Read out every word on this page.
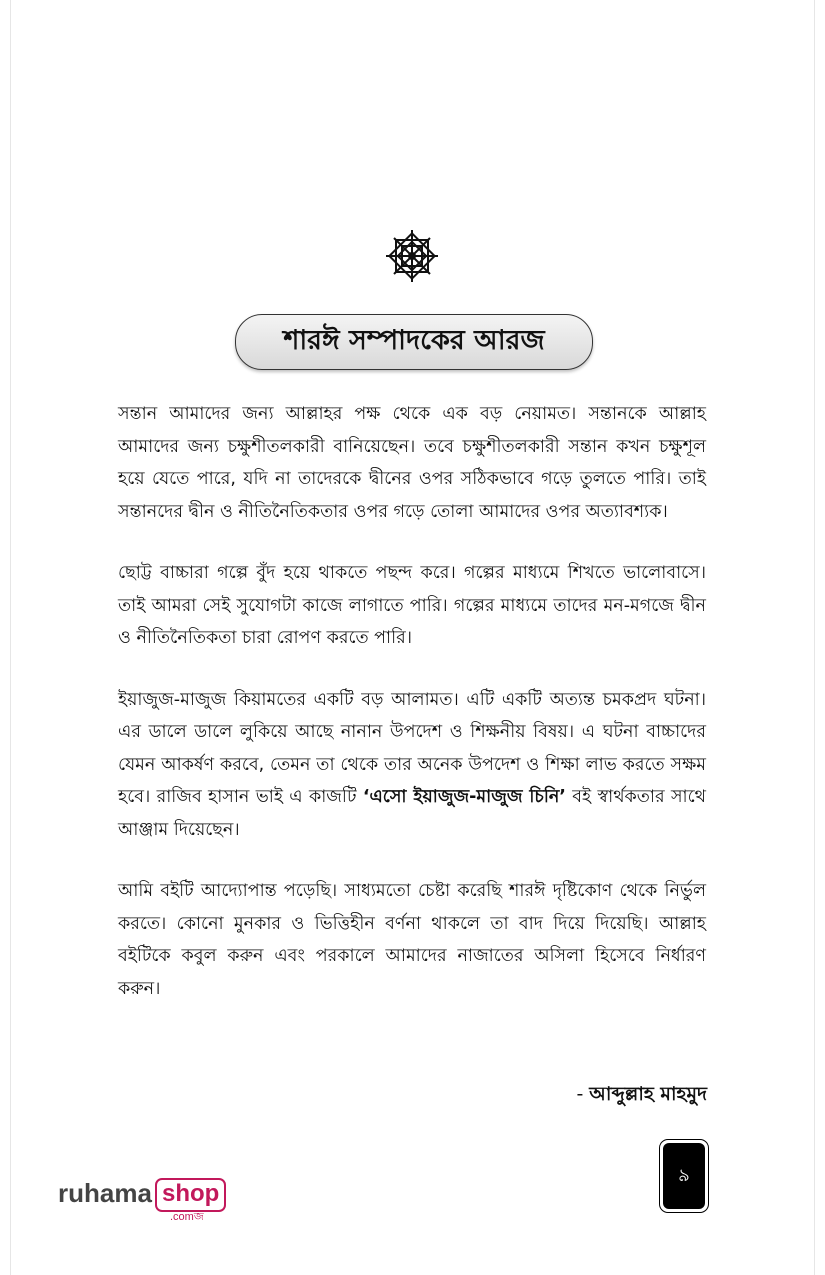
শারঈ সম্পাদকের আরজ

সন্তান আমাদের জন্য আল্লাহর পক্ষ থেকে এক বড় নেয়ামত। সন্তানকে আল্লাহ আমাদের জন্য চক্ষুশীতলকারী বানিয়েছেন। তবে চক্ষুশীতলকারী সন্তান কখন চক্ষুশূল হয়ে যেতে পারে, যদি না তাদেরকে দ্বীনের ওপর সঠিকভাবে গড়ে তুলতে পারি। তাই সন্তানদের দ্বীন ও নীতিনৈতিকতার ওপর গড়ে তোলা আমাদের ওপর অত্যাবশ্যক।

ছোট্ট বাচ্চারা গল্পে বুঁদ হয়ে থাকতে পছন্দ করে। গল্পের মাধ্যমে শিখতে ভালোবাসে। তাই আমরা সেই সুযোগটা কাজে লাগাতে পারি। গল্পের মাধ্যমে তাদের মন-মগজে দ্বীন ও নীতিনৈতিকতা চারা রোপণ করতে পারি।

ইয়াজুজ-মাজুজ কিয়ামতের একটি বড় আলামত। এটি একটি অত্যন্ত চমকপ্রদ ঘটনা। এর ডালে ডালে লুকিয়ে আছে নানান উপদেশ ও শিক্ষনীয় বিষয়। এ ঘটনা বাচ্চাদের যেমন আকর্ষণ করবে, তেমন তা থেকে তার অনেক উপদেশ ও শিক্ষা লাভ করতে সক্ষম হবে। রাজিব হাসান ভাই এ কাজটি ‘এসো ইয়াজুজ-মাজুজ চিনি’ বই স্বার্থকতার সাথে আঞ্জাম দিয়েছেন।

আমি বইটি আদ্যোপান্ত পড়েছি। সাধ্যমতো চেষ্টা করেছি শারঈ দৃষ্টিকোণ থেকে নির্ভুল করতে। কোনো মুনকার ও ভিত্তিহীন বর্ণনা থাকলে তা বাদ দিয়ে দিয়েছি। আল্লাহ বইটিকে কবুল করুন এবং পরকালে আমাদের নাজাতের অসিলা হিসেবে নির্ধারণ করুন।

- আব্দুল্লাহ মাহমুদ
৯
ruhama shop
.comজ
